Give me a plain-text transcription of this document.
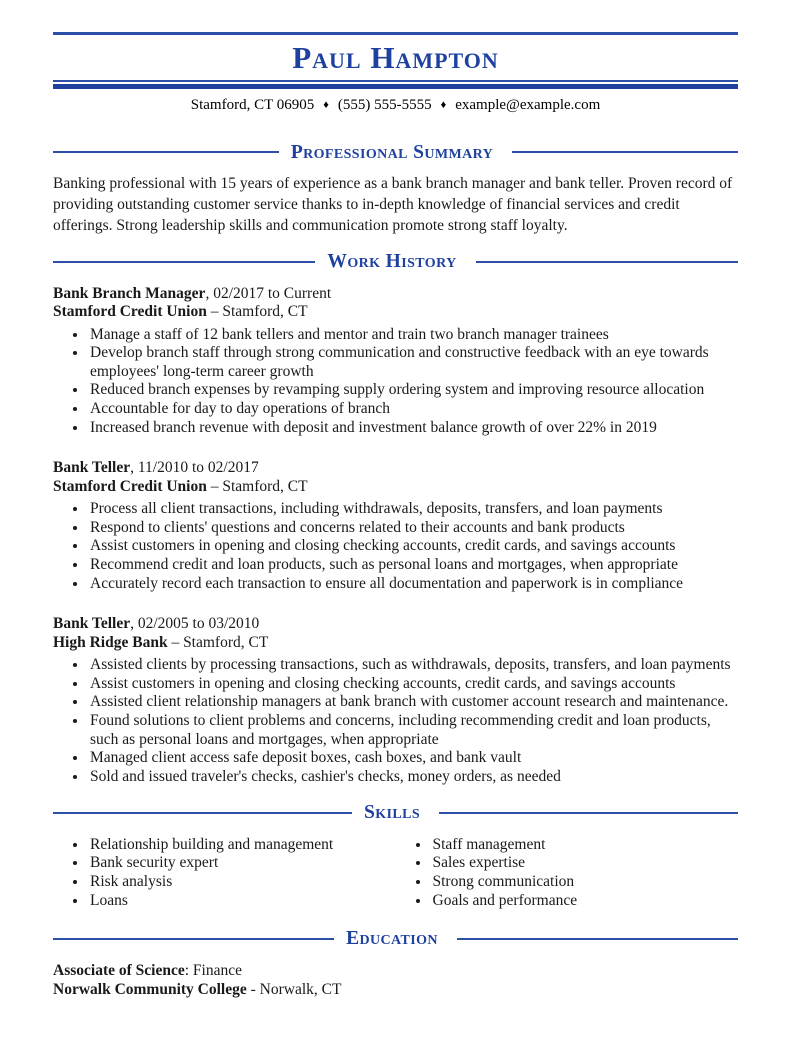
Paul Hampton
Stamford, CT 06905 ♦ (555) 555-5555 ♦ example@example.com
Professional Summary

Banking professional with 15 years of experience as a bank branch manager and bank teller. Proven record of providing outstanding customer service thanks to in-depth knowledge of financial services and credit offerings. Strong leadership skills and communication promote strong staff loyalty.

Work History
Bank Branch Manager, 02/2017 to Current
Stamford Credit Union – Stamford, CT
• Manage a staff of 12 bank tellers and mentor and train two branch manager trainees
• Develop branch staff through strong communication and constructive feedback with an eye towards employees' long-term career growth
• Reduced branch expenses by revamping supply ordering system and improving resource allocation
• Accountable for day to day operations of branch
• Increased branch revenue with deposit and investment balance growth of over 22% in 2019
Bank Teller, 11/2010 to 02/2017
Stamford Credit Union – Stamford, CT
• Process all client transactions, including withdrawals, deposits, transfers, and loan payments
• Respond to clients' questions and concerns related to their accounts and bank products
• Assist customers in opening and closing checking accounts, credit cards, and savings accounts
• Recommend credit and loan products, such as personal loans and mortgages, when appropriate
• Accurately record each transaction to ensure all documentation and paperwork is in compliance
Bank Teller, 02/2005 to 03/2010
High Ridge Bank – Stamford, CT
• Assisted clients by processing transactions, such as withdrawals, deposits, transfers, and loan payments
• Assist customers in opening and closing checking accounts, credit cards, and savings accounts
• Assisted client relationship managers at bank branch with customer account research and maintenance.
• Found solutions to client problems and concerns, including recommending credit and loan products, such as personal loans and mortgages, when appropriate
• Managed client access safe deposit boxes, cash boxes, and bank vault
• Sold and issued traveler's checks, cashier's checks, money orders, as needed
Skills
• Relationship building and management
• Bank security expert
• Risk analysis
• Loans
• Staff management
• Sales expertise
• Strong communication
• Goals and performance
Education
Associate of Science: Finance
Norwalk Community College - Norwalk, CT
